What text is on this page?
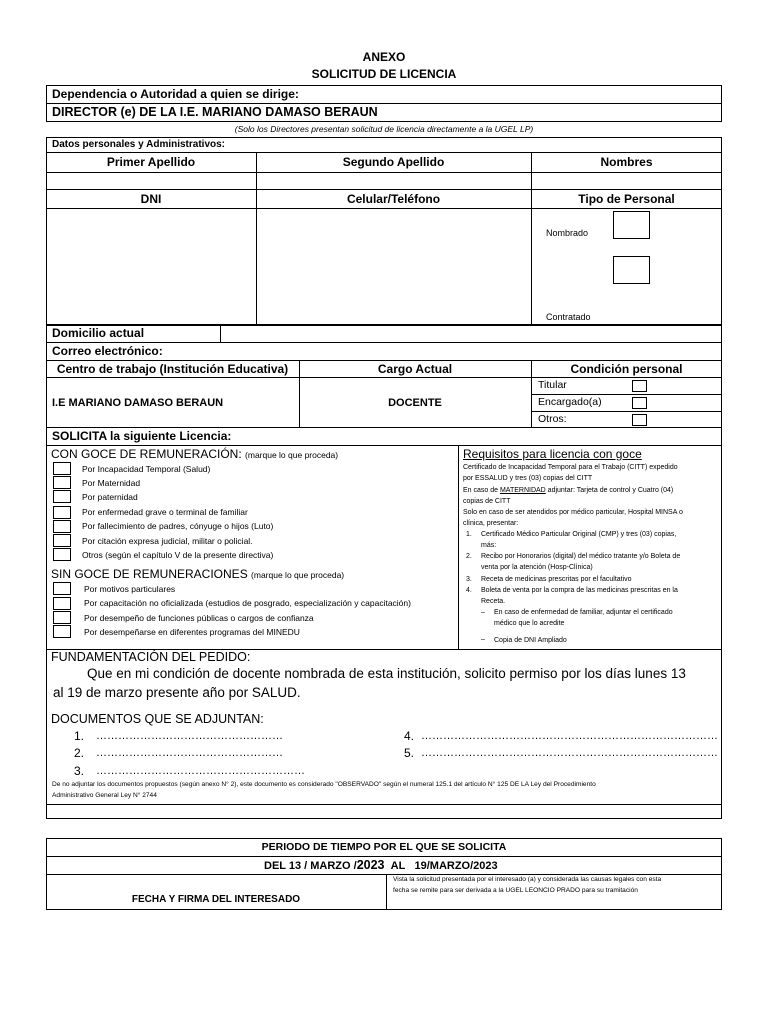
ANEXO
SOLICITUD DE LICENCIA
Dependencia o Autoridad a quien se dirige:
DIRECTOR (e) DE LA I.E. MARIANO DAMASO BERAUN
(Solo los Directores presentan solicitud de licencia directamente a la UGEL LP)
Datos personales y Administrativos:
Primer Apellido	Segundo Apellido	Nombres
DNI	Celular/Teléfono	Tipo de Personal
Nombrado
Contratado
Domicilio actual
Correo electrónico:
Centro de trabajo (Institución Educativa)	Cargo Actual	Condición personal
I.E MARIANO DAMASO BERAUN	DOCENTE
Titular
Encargado(a)
Otros:
SOLICITA la siguiente Licencia:
CON GOCE DE REMUNERACIÓN: (marque lo que proceda)
Por Incapacidad Temporal (Salud)
Por Maternidad
Por paternidad
Por enfermedad grave o terminal de familiar
Por fallecimiento de padres, cónyuge o hijos (Luto)
Por citación expresa judicial, militar o policial.
Otros (según el capítulo V de la presente directiva)
SIN GOCE DE REMUNERACIONES (marque lo que proceda)
Por motivos particulares
Por capacitación no oficializada (estudios de posgrado, especialización y capacitación)
Por desempeño de funciones públicas o cargos de confianza
Por desempeñarse en diferentes programas del MINEDU
Requisitos para licencia con goce
Certificado de Incapacidad Temporal para el Trabajo (CITT) expedido
por ESSALUD y tres (03) copias del CITT
En caso de MATERNIDAD adjuntar: Tarjeta de control y Cuatro (04)
copias de CITT
Solo en caso de ser atendidos por médico particular, Hospital MINSA o
clínica, presentar:
1. Certificado Médico Particular Original (CMP) y tres (03) copias,
más:
2. Recibo por Honorarios (digital) del médico tratante y/o Boleta de
venta por la atención (Hosp-Clínica)
3. Receta de medicinas prescritas por el facultativo
4. Boleta de venta por la compra de las medicinas prescritas en la
Receta.
– En caso de enfermedad de familiar, adjuntar el certificado
médico que lo acredite
– Copia de DNI Ampliado
FUNDAMENTACIÓN DEL PEDIDO:
Que en mi condición de docente nombrada de esta institución, solicito permiso por los días lunes 13
al 19 de marzo presente año por SALUD.
DOCUMENTOS QUE SE ADJUNTAN:
1. ……………………………………………
2. ……………………………………………
3. …………………………………………………
4. ………………………………………………………………………
5. ………………………………………………………………………
De no adjuntar los documentos propuestos (según anexo N° 2), este documento es considerado "OBSERVADO" según el numeral 125.1 del artículo N° 125 DE LA Ley del Procedimiento
Administrativo General Ley N° 2744
PERIODO DE TIEMPO POR EL QUE SE SOLICITA
DEL 13 / MARZO /2023 AL 19/MARZO/2023
FECHA Y FIRMA DEL INTERESADO
Vista la solicitud presentada por el interesado (a) y considerada las causas legales con esta
fecha se remite para ser derivada a la UGEL LEONCIO PRADO para su tramitación
